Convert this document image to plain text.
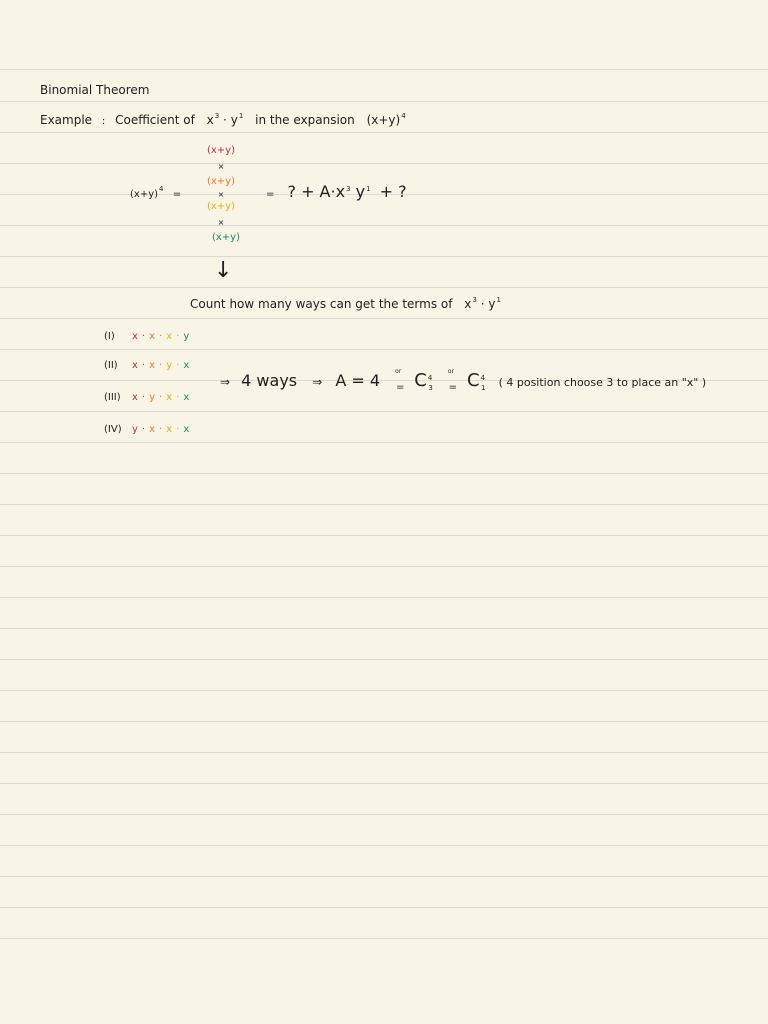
Binomial Theorem
Example : Coefficient of $x^3 \cdot y^1$ in the expansion $(x+y)^4$
$(x+y)^4$ =
(x+y)
×
(x+y)
×
(x+y)
×
(x+y)
= ? + $A\cdot x^3$ $y^1$ + ?
↓
Count how many ways can get the terms of $x^3 \cdot y^1$
(I) x · x · x · y
(II) x · x · y · x
(III) x · y · x · x
(IV) y · x · x · x
⇒ 4 ways ⇒ A = 4	or
$_=$ $C^4_3$
or
$_=$ $C^4_1$ ( 4 position choose 3 to place an "x" )
